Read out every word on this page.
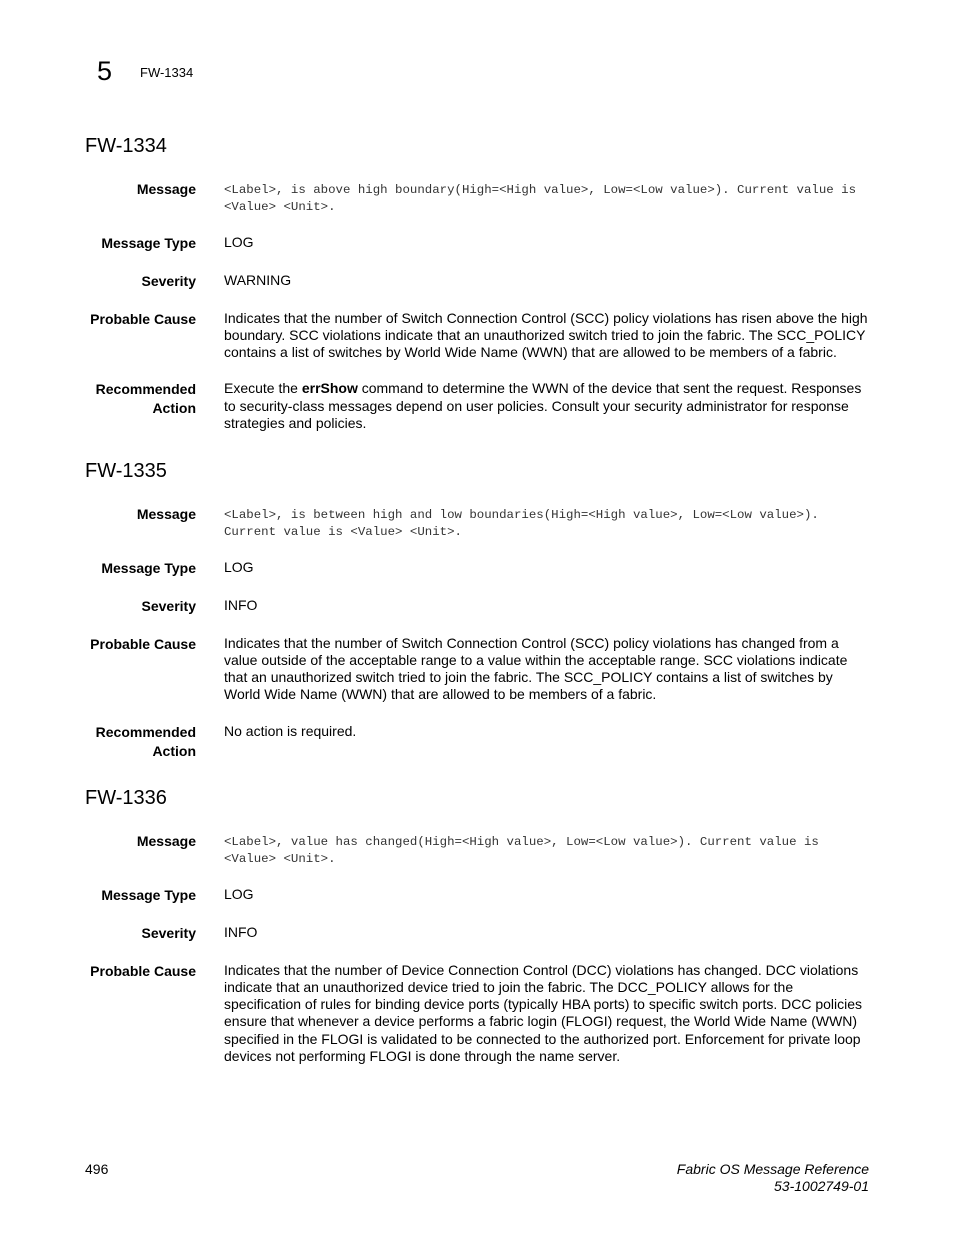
5 FW-1334
FW-1334
Message <Label>, is above high boundary(High=<High value>, Low=<Low value>). Current value is <Value> <Unit>.
Message Type LOG
Severity WARNING
Probable Cause Indicates that the number of Switch Connection Control (SCC) policy violations has risen above the high boundary. SCC violations indicate that an unauthorized switch tried to join the fabric. The SCC_POLICY contains a list of switches by World Wide Name (WWN) that are allowed to be members of a fabric.
Recommended
Action
Execute the errShow command to determine the WWN of the device that sent the request. Responses to security-class messages depend on user policies. Consult your security administrator for response strategies and policies.
FW-1335
Message <Label>, is between high and low boundaries(High=<High value>, Low=<Low value>). Current value is <Value> <Unit>.
Message Type LOG
Severity INFO
Probable Cause Indicates that the number of Switch Connection Control (SCC) policy violations has changed from a value outside of the acceptable range to a value within the acceptable range. SCC violations indicate that an unauthorized switch tried to join the fabric. The SCC_POLICY contains a list of switches by World Wide Name (WWN) that are allowed to be members of a fabric.
Recommended
Action
No action is required.
FW-1336
Message <Label>, value has changed(High=<High value>, Low=<Low value>). Current value is <Value> <Unit>.
Message Type LOG
Severity INFO
Probable Cause Indicates that the number of Device Connection Control (DCC) violations has changed. DCC violations indicate that an unauthorized device tried to join the fabric. The DCC_POLICY allows for the specification of rules for binding device ports (typically HBA ports) to specific switch ports. DCC policies ensure that whenever a device performs a fabric login (FLOGI) request, the World Wide Name (WWN) specified in the FLOGI is validated to be connected to the authorized port. Enforcement for private loop devices not performing FLOGI is done through the name server.
496	Fabric OS Message Reference
53-1002749-01
